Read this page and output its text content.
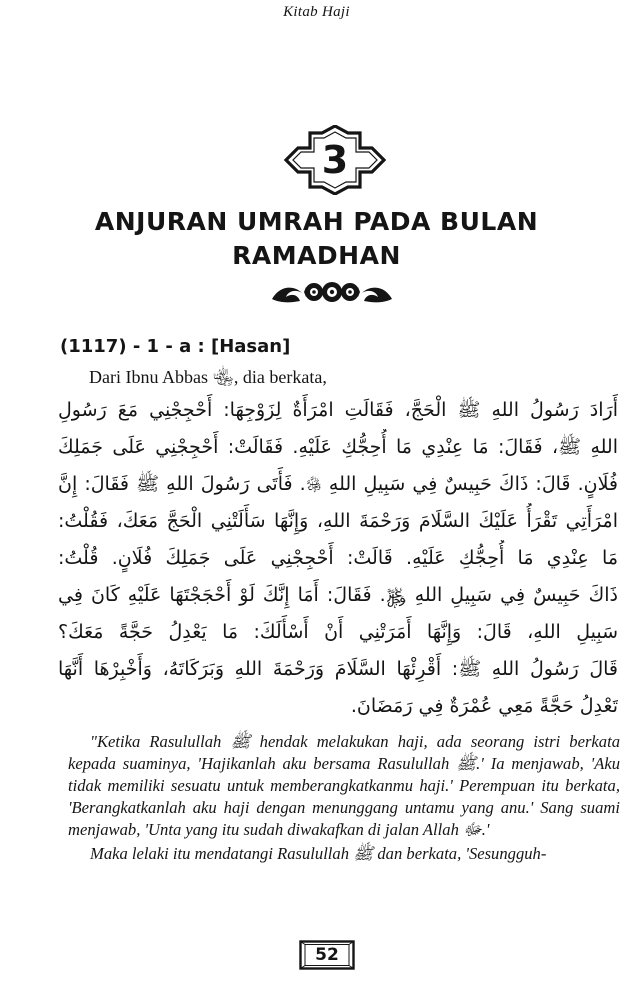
Kitab Haji
3
ANJURAN UMRAH PADA BULAN
RAMADHAN
(1117) - 1 - a : [Hasan]
Dari Ibnu Abbas ﵄, dia berkata,
أَرَادَ رَسُولُ اللهِ ﷺ الْحَجَّ، فَقَالَتِ امْرَأَةٌ لِزَوْجِهَا: أَحْجِجْنِي مَعَ رَسُولِ
اللهِ ﷺ، فَقَالَ: مَا عِنْدِي مَا أُحِجُّكِ عَلَيْهِ. فَقَالَتْ: أَحْجِجْنِي عَلَى جَمَلِكَ
فُلَانٍ. قَالَ: ذَاكَ حَبِيسٌ فِي سَبِيلِ اللهِ ﷿. فَأَتَى رَسُولَ اللهِ ﷺ فَقَالَ: إِنَّ
امْرَأَتِي تَقْرَأُ عَلَيْكَ السَّلَامَ وَرَحْمَةَ اللهِ، وَإِنَّهَا سَأَلَتْنِي الْحَجَّ مَعَكَ، فَقُلْتُ:
مَا عِنْدِي مَا أُحِجُّكِ عَلَيْهِ. قَالَتْ: أَحْجِجْنِي عَلَى جَمَلِكَ فُلَانٍ. قُلْتُ:
ذَاكَ حَبِيسٌ فِي سَبِيلِ اللهِ ﷿. فَقَالَ: أَمَا إِنَّكَ لَوْ أَحْجَجْتَهَا عَلَيْهِ كَانَ فِي
سَبِيلِ اللهِ، قَالَ: وَإِنَّهَا أَمَرَتْنِي أَنْ أَسْأَلَكَ: مَا يَعْدِلُ حَجَّةً مَعَكَ؟
قَالَ رَسُولُ اللهِ ﷺ: أَقْرِئْهَا السَّلَامَ وَرَحْمَةَ اللهِ وَبَرَكَاتَهُ، وَأَخْبِرْهَا أَنَّهَا
تَعْدِلُ حَجَّةً مَعِي عُمْرَةٌ فِي رَمَضَانَ.

"Ketika Rasulullah ﷺ hendak melakukan haji, ada seorang istri berkata kepada suaminya, 'Hajikanlah aku bersama Rasulullah ﷺ.' Ia menjawab, 'Aku tidak memiliki sesuatu untuk memberangkatkanmu haji.' Perempuan itu berkata, 'Berangkatkanlah aku haji dengan menunggang untamu yang anu.' Sang suami menjawab, 'Unta yang itu sudah diwakafkan di jalan Allah ﷻ.'

Maka lelaki itu mendatangi Rasulullah ﷺ dan berkata, 'Sesungguh-

52
